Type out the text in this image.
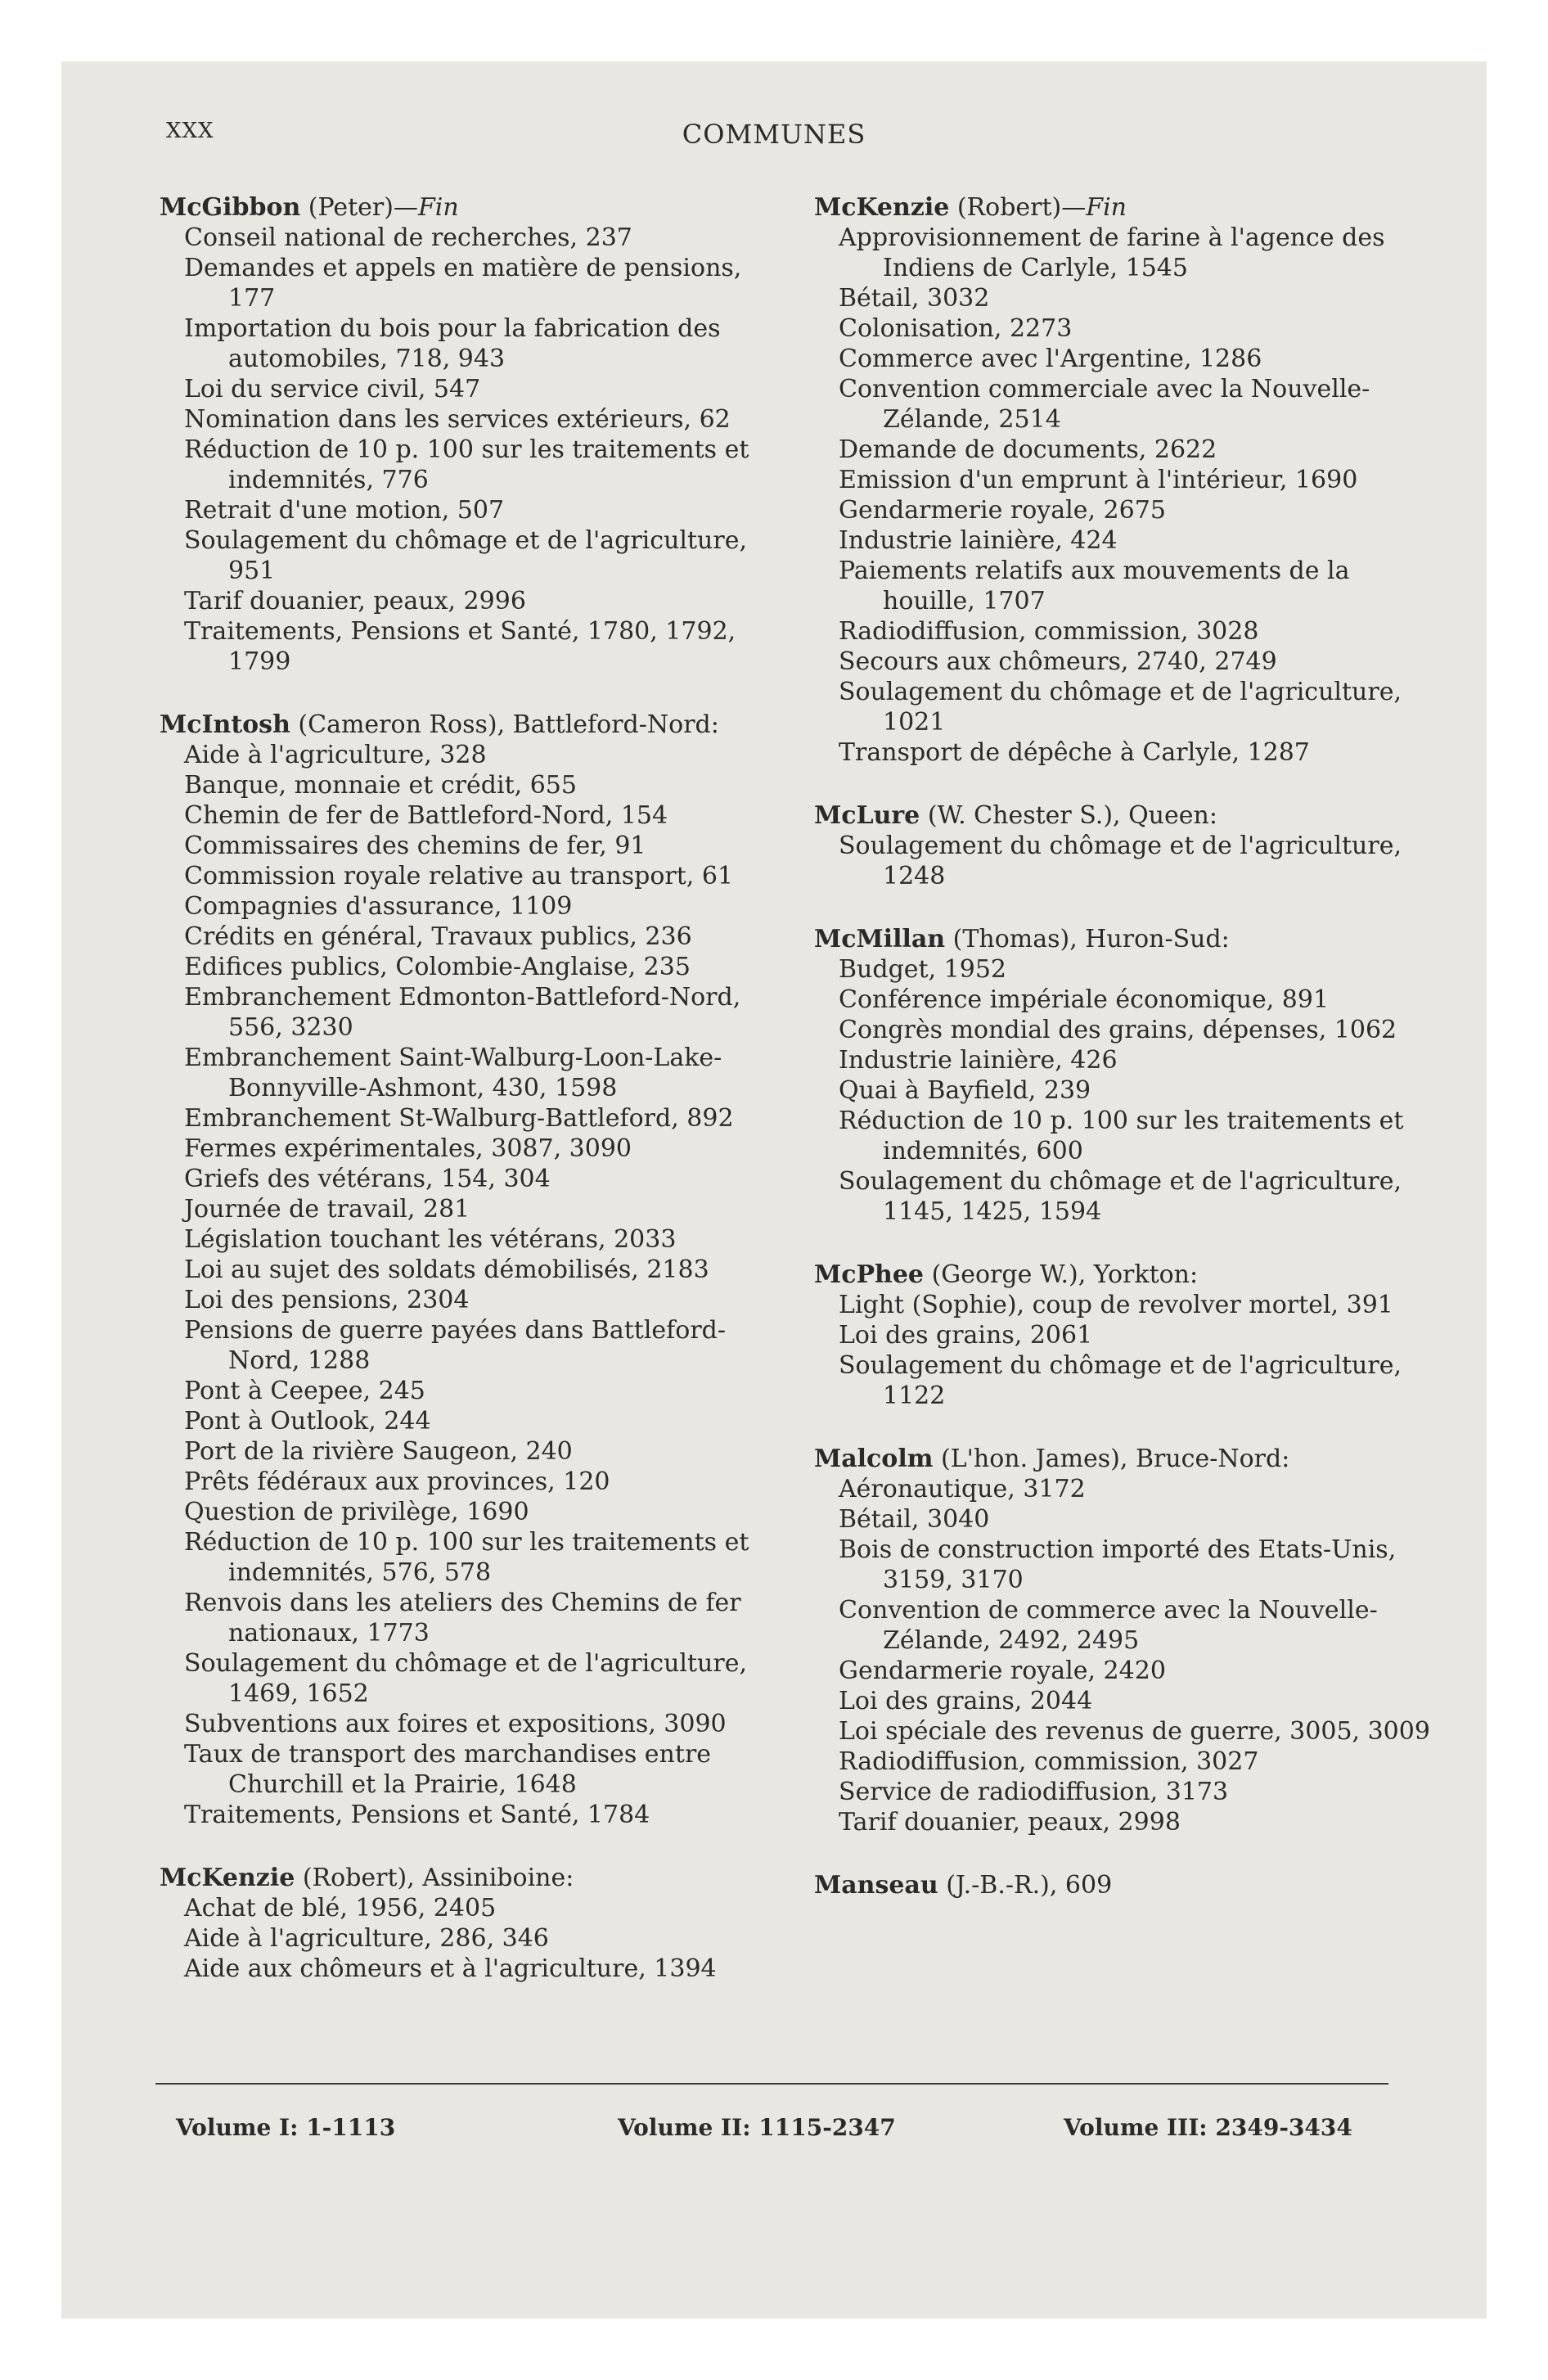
XXX	COMMUNES
McGibbon (Peter)—Fin
Conseil national de recherches, 237
Demandes et appels en matière de pensions, 177
Importation du bois pour la fabrication des automobiles, 718, 943
Loi du service civil, 547
Nomination dans les services extérieurs, 62
Réduction de 10 p. 100 sur les traitements et indemnités, 776
Retrait d'une motion, 507
Soulagement du chômage et de l'agriculture, 951
Tarif douanier, peaux, 2996
Traitements, Pensions et Santé, 1780, 1792, 1799
McIntosh (Cameron Ross), Battleford-Nord:
Aide à l'agriculture, 328
Banque, monnaie et crédit, 655
Chemin de fer de Battleford-Nord, 154
Commissaires des chemins de fer, 91
Commission royale relative au transport, 61
Compagnies d'assurance, 1109
Crédits en général, Travaux publics, 236
Edifices publics, Colombie-Anglaise, 235
Embranchement Edmonton-Battleford-Nord, 556, 3230
Embranchement Saint-Walburg-Loon-Lake-Bonnyville-Ashmont, 430, 1598
Embranchement St-Walburg-Battleford, 892
Fermes expérimentales, 3087, 3090
Griefs des vétérans, 154, 304
Journée de travail, 281
Législation touchant les vétérans, 2033
Loi au sujet des soldats démobilisés, 2183
Loi des pensions, 2304
Pensions de guerre payées dans Battleford-Nord, 1288
Pont à Ceepee, 245
Pont à Outlook, 244
Port de la rivière Saugeon, 240
Prêts fédéraux aux provinces, 120
Question de privilège, 1690
Réduction de 10 p. 100 sur les traitements et indemnités, 576, 578
Renvois dans les ateliers des Chemins de fer nationaux, 1773
Soulagement du chômage et de l'agriculture, 1469, 1652
Subventions aux foires et expositions, 3090
Taux de transport des marchandises entre Churchill et la Prairie, 1648
Traitements, Pensions et Santé, 1784
McKenzie (Robert), Assiniboine:
Achat de blé, 1956, 2405
Aide à l'agriculture, 286, 346
Aide aux chômeurs et à l'agriculture, 1394
McKenzie (Robert)—Fin
Approvisionnement de farine à l'agence des Indiens de Carlyle, 1545
Bétail, 3032
Colonisation, 2273
Commerce avec l'Argentine, 1286
Convention commerciale avec la Nouvelle-Zélande, 2514
Demande de documents, 2622
Emission d'un emprunt à l'intérieur, 1690
Gendarmerie royale, 2675
Industrie lainière, 424
Paiements relatifs aux mouvements de la houille, 1707
Radiodiffusion, commission, 3028
Secours aux chômeurs, 2740, 2749
Soulagement du chômage et de l'agriculture, 1021
Transport de dépêche à Carlyle, 1287
McLure (W. Chester S.), Queen:
Soulagement du chômage et de l'agriculture, 1248
McMillan (Thomas), Huron-Sud:
Budget, 1952
Conférence impériale économique, 891
Congrès mondial des grains, dépenses, 1062
Industrie lainière, 426
Quai à Bayfield, 239
Réduction de 10 p. 100 sur les traitements et indemnités, 600
Soulagement du chômage et de l'agriculture, 1145, 1425, 1594
McPhee (George W.), Yorkton:
Light (Sophie), coup de revolver mortel, 391
Loi des grains, 2061
Soulagement du chômage et de l'agriculture, 1122
Malcolm (L'hon. James), Bruce-Nord:
Aéronautique, 3172
Bétail, 3040
Bois de construction importé des Etats-Unis, 3159, 3170
Convention de commerce avec la Nouvelle-Zélande, 2492, 2495
Gendarmerie royale, 2420
Loi des grains, 2044
Loi spéciale des revenus de guerre, 3005, 3009
Radiodiffusion, commission, 3027
Service de radiodiffusion, 3173
Tarif douanier, peaux, 2998
Manseau (J.-B.-R.), 609
Volume I: 1-1113	Volume II: 1115-2347	Volume III: 2349-3434
